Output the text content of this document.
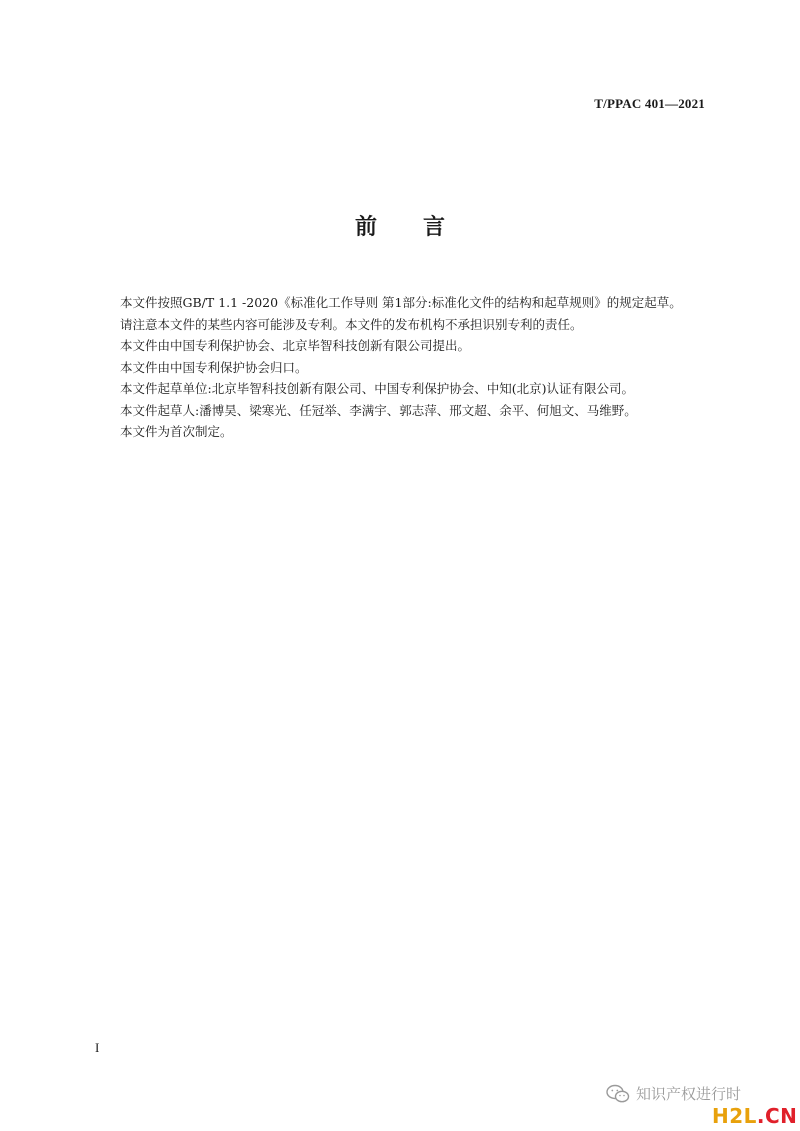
T/PPAC 401—2021
前言

本文件按照GB/T 1.1 -2020《标准化工作导则 第1部分:标准化文件的结构和起草规则》的规定起草。

请注意本文件的某些内容可能涉及专利。本文件的发布机构不承担识别专利的责任。

本文件由中国专利保护协会、北京毕智科技创新有限公司提出。

本文件由中国专利保护协会归口。

本文件起草单位:北京毕智科技创新有限公司、中国专利保护协会、中知(北京)认证有限公司。

本文件起草人:潘博昊、梁寒光、任冠举、李满宇、郭志萍、邢文超、余平、何旭文、马维野。

本文件为首次制定。

I
知识产权进行时
H2L.CN
